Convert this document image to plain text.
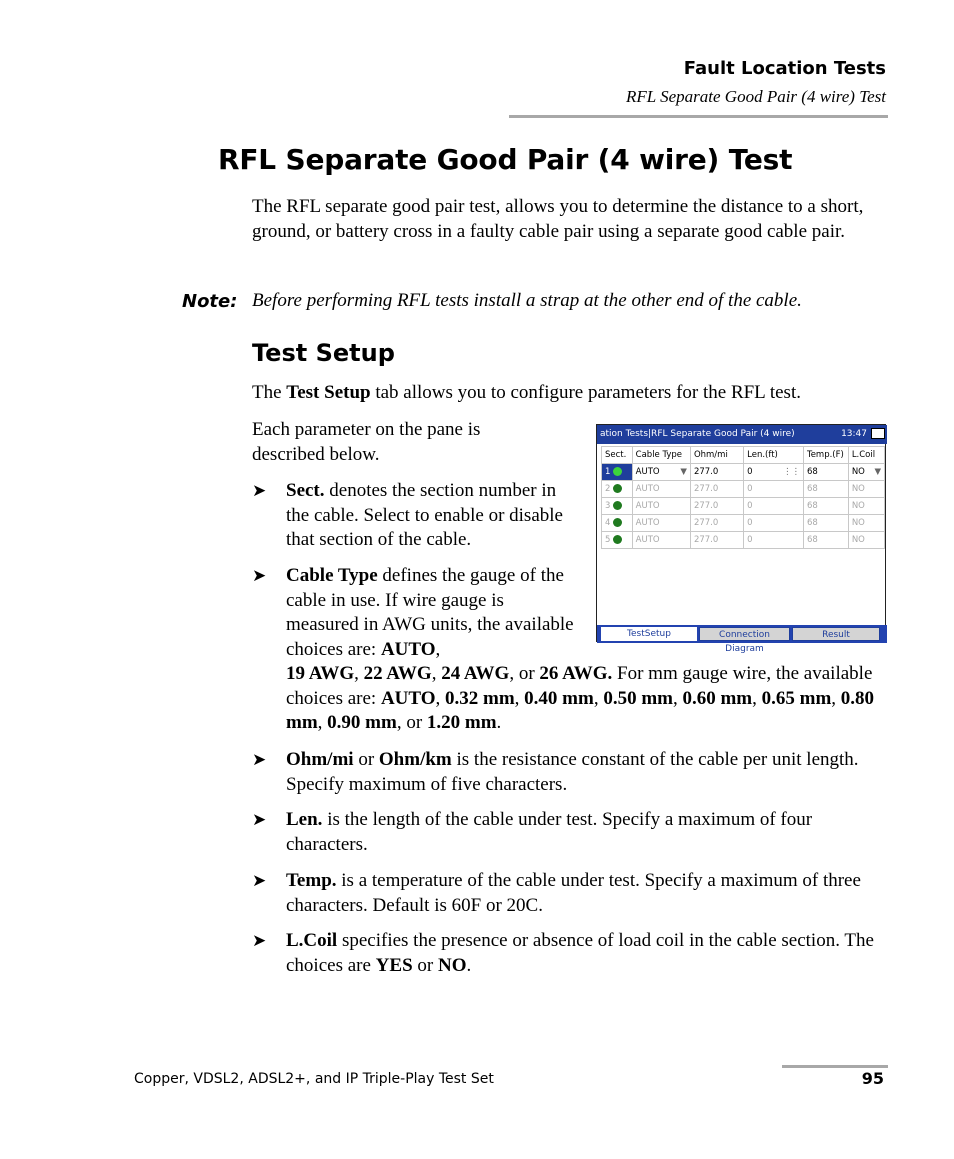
Fault Location Tests
RFL Separate Good Pair (4 wire) Test
RFL Separate Good Pair (4 wire) Test
The RFL separate good pair test, allows you to determine the distance to a short, ground, or battery cross in a faulty cable pair using a separate good cable pair.
Note: Before performing RFL tests install a strap at the other end of the cable.
Test Setup
The Test Setup tab allows you to configure parameters for the RFL test.
Each parameter on the pane is described below.
➤ Sect. denotes the section number in the cable. Select to enable or disable that section of the cable.
➤ Cable Type defines the gauge of the cable in use. If wire gauge is measured in AWG units, the available choices are: AUTO,
19 AWG, 22 AWG, 24 AWG, or 26 AWG. For mm gauge wire, the available choices are: AUTO, 0.32 mm, 0.40 mm, 0.50 mm, 0.60 mm, 0.65 mm, 0.80 mm, 0.90 mm, or 1.20 mm.
➤ Ohm/mi or Ohm/km is the resistance constant of the cable per unit length. Specify maximum of five characters.
➤ Len. is the length of the cable under test. Specify a maximum of four characters.
➤ Temp. is a temperature of the cable under test. Specify a maximum of three characters. Default is 60F or 20C.
➤ L.Coil specifies the presence or absence of load coil in the cable section. The choices are YES or NO.
ation Tests|RFL Separate Good Pair (4 wire)	13:47
Sect.	Cable Type	Ohm/mi	Len.(ft)	Temp.(F)	L.Coil
1	AUTO ▼	277.0	0 ⋮⋮	68	NO ▼

2	AUTO	277.0	0	68	NO
3	AUTO	277.0	0	68	NO
4	AUTO	277.0	0	68	NO
5	AUTO	277.0	0	68	NO
TestSetup	Connection Diagram
Result
Copper, VDSL2, ADSL2+, and IP Triple-Play Test Set	95
